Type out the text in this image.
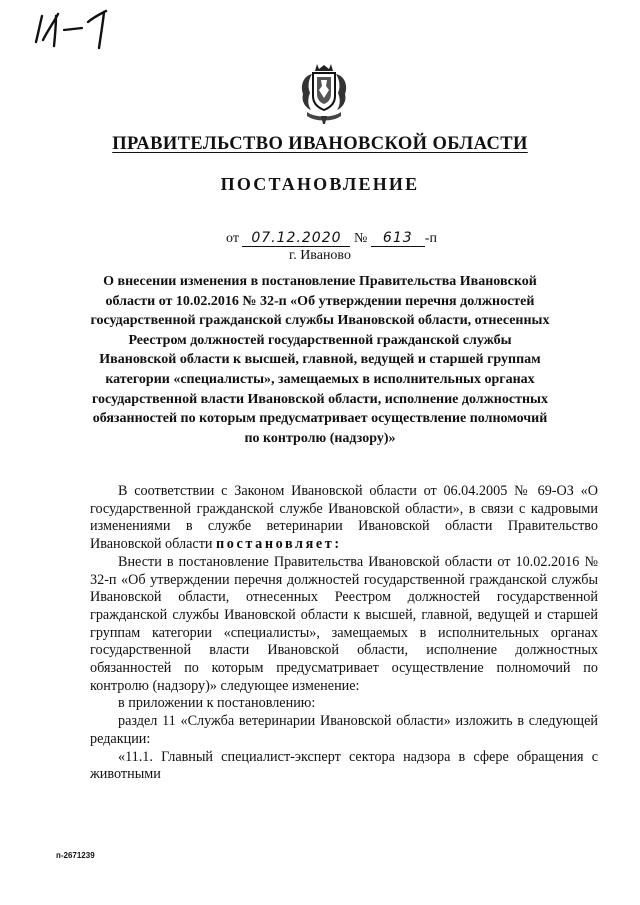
ПРАВИТЕЛЬСТВО ИВАНОВСКОЙ ОБЛАСТИ
ПОСТАНОВЛЕНИЕ
от 07.12.2020 № 613 -п
г. Иваново
О внесении изменения в постановление Правительства Ивановской области от 10.02.2016 № 32-п «Об утверждении перечня должностей государственной гражданской службы Ивановской области, отнесенных Реестром должностей государственной гражданской службы Ивановской области к высшей, главной, ведущей и старшей группам категории «специалисты», замещаемых в исполнительных органах государственной власти Ивановской области, исполнение должностных обязанностей по которым предусматривает осуществление полномочий по контролю (надзору)»

В соответствии с Законом Ивановской области от 06.04.2005 № 69-ОЗ «О государственной гражданской службе Ивановской области», в связи с кадровыми изменениями в службе ветеринарии Ивановской области Правительство Ивановской области постановляет:

Внести в постановление Правительства Ивановской области от 10.02.2016 № 32-п «Об утверждении перечня должностей государственной гражданской службы Ивановской области, отнесенных Реестром должностей государственной гражданской службы Ивановской области к высшей, главной, ведущей и старшей группам категории «специалисты», замещаемых в исполнительных органах государственной власти Ивановской области, исполнение должностных обязанностей по которым предусматривает осуществление полномочий по контролю (надзору)» следующее изменение:

в приложении к постановлению:

раздел 11 «Служба ветеринарии Ивановской области» изложить в следующей редакции:

«11.1. Главный специалист-эксперт сектора надзора в сфере обращения с животными

п-2671239
